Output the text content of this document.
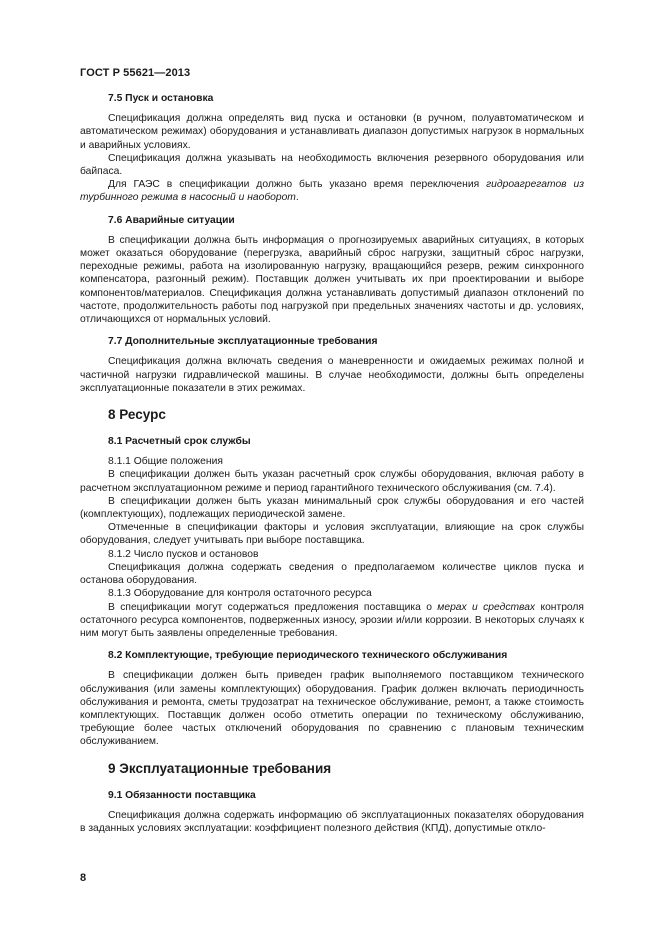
ГОСТ Р 55621—2013

7.5 Пуск и остановка

Спецификация должна определять вид пуска и остановки (в ручном, полуавтоматическом и автоматическом режимах) оборудования и устанавливать диапазон допустимых нагрузок в нормальных и аварийных условиях.

Спецификация должна указывать на необходимость включения резервного оборудования или байпаса.

Для ГАЭС в спецификации должно быть указано время переключения гидроагрегатов из турбинного режима в насосный и наоборот.

7.6 Аварийные ситуации

В спецификации должна быть информация о прогнозируемых аварийных ситуациях, в которых может оказаться оборудование (перегрузка, аварийный сброс нагрузки, защитный сброс нагрузки, переходные режимы, работа на изолированную нагрузку, вращающийся резерв, режим синхронного компенсатора, разгонный режим). Поставщик должен учитывать их при проектировании и выборе компонентов/материалов. Спецификация должна устанавливать допустимый диапазон отклонений по частоте, продолжительность работы под нагрузкой при предельных значениях частоты и др. условиях, отличающихся от нормальных условий.

7.7 Дополнительные эксплуатационные требования

Спецификация должна включать сведения о маневренности и ожидаемых режимах полной и частичной нагрузки гидравлической машины. В случае необходимости, должны быть определены эксплуатационные показатели в этих режимах.

8 Ресурс

8.1 Расчетный срок службы

8.1.1 Общие положения

В спецификации должен быть указан расчетный срок службы оборудования, включая работу в расчетном эксплуатационном режиме и период гарантийного технического обслуживания (см. 7.4).

В спецификации должен быть указан минимальный срок службы оборудования и его частей (комплектующих), подлежащих периодической замене.

Отмеченные в спецификации факторы и условия эксплуатации, влияющие на срок службы оборудования, следует учитывать при выборе поставщика.

8.1.2 Число пусков и остановов

Спецификация должна содержать сведения о предполагаемом количестве циклов пуска и останова оборудования.

8.1.3 Оборудование для контроля остаточного ресурса

В спецификации могут содержаться предложения поставщика о мерах и средствах контроля остаточного ресурса компонентов, подверженных износу, эрозии и/или коррозии. В некоторых случаях к ним могут быть заявлены определенные требования.

8.2 Комплектующие, требующие периодического технического обслуживания

В спецификации должен быть приведен график выполняемого поставщиком технического обслуживания (или замены комплектующих) оборудования. График должен включать периодичность обслуживания и ремонта, сметы трудозатрат на техническое обслуживание, ремонт, а также стоимость комплектующих. Поставщик должен особо отметить операции по техническому обслуживанию, требующие более частых отключений оборудования по сравнению с плановым техническим обслуживанием.

9 Эксплуатационные требования

9.1 Обязанности поставщика

Спецификация должна содержать информацию об эксплуатационных показателях оборудования в заданных условиях эксплуатации: коэффициент полезного действия (КПД), допустимые откло-

8
